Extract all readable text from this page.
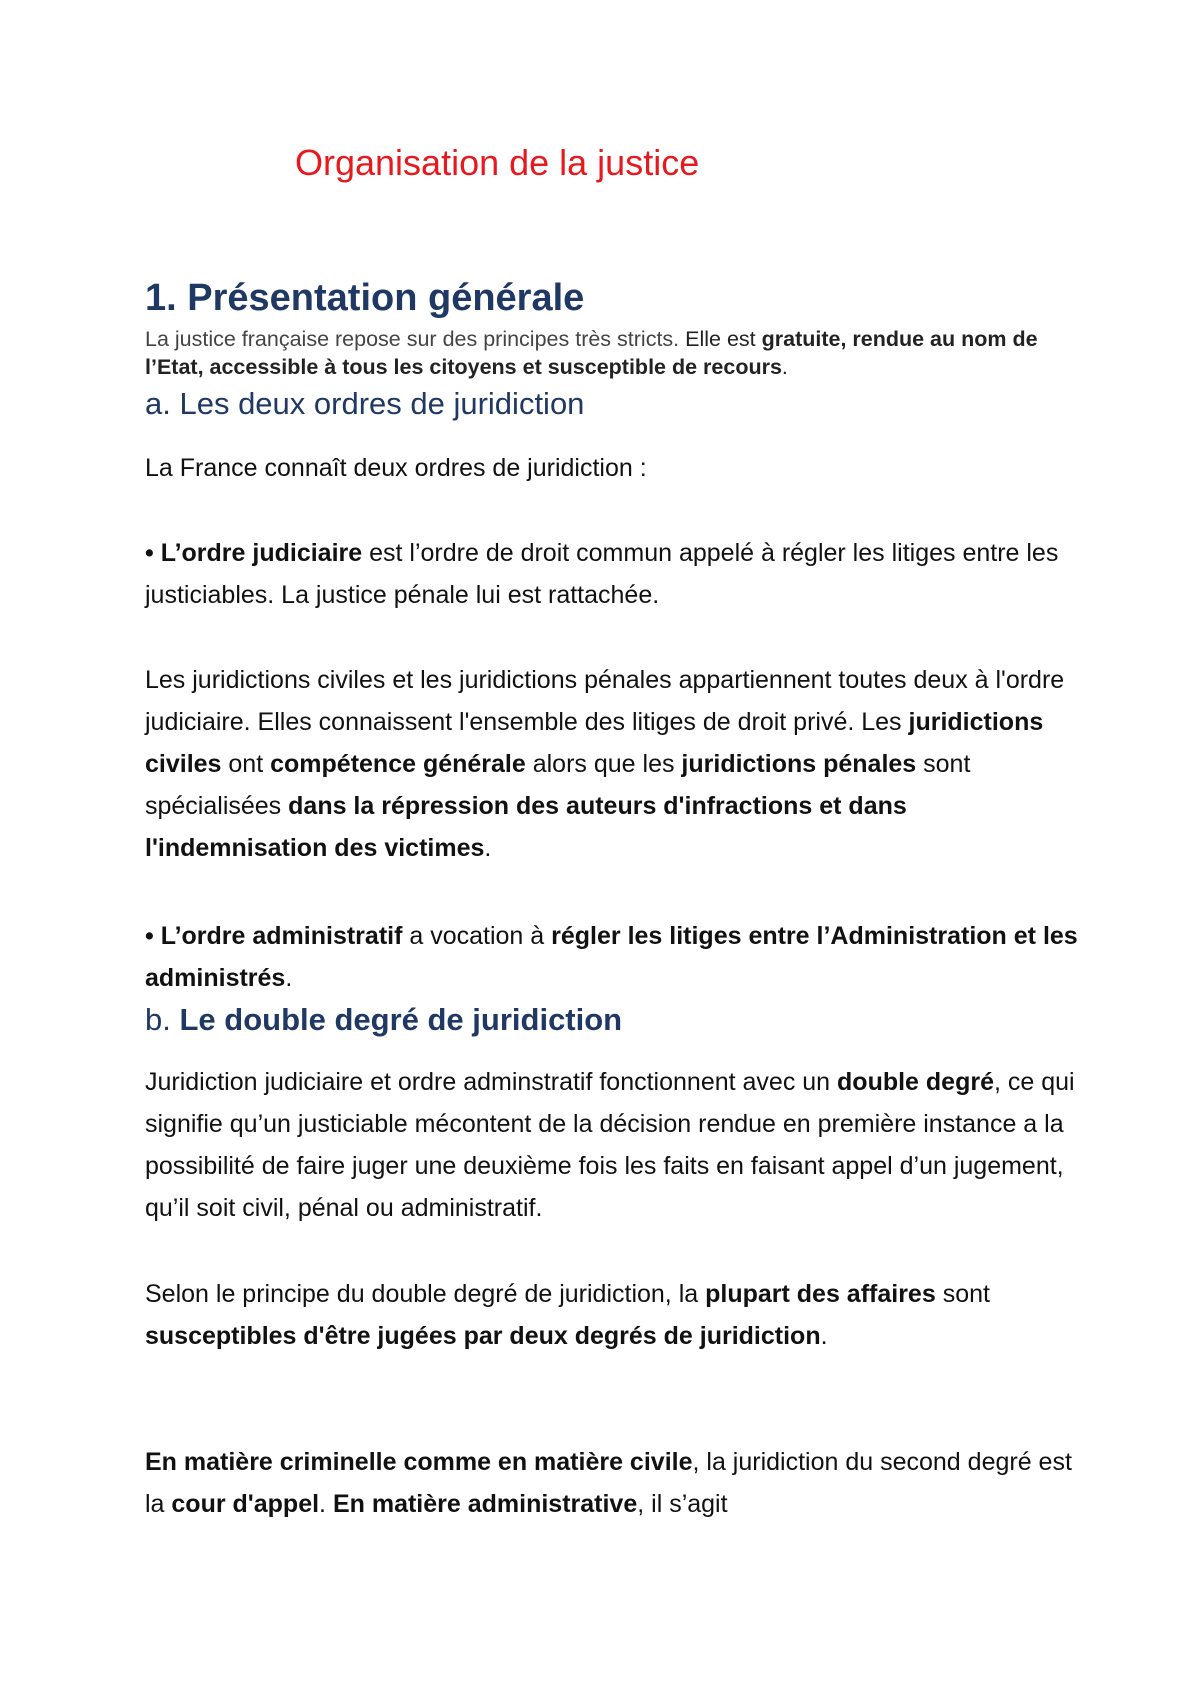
Organisation de la justice
1. Présentation générale

La justice française repose sur des principes très stricts. Elle est gratuite, rendue au nom de l’Etat, accessible à tous les citoyens et susceptible de recours.

a. Les deux ordres de juridiction

La France connaît deux ordres de juridiction :

• L’ordre judiciaire est l’ordre de droit commun appelé à régler les litiges entre les justiciables. La justice pénale lui est rattachée.

Les juridictions civiles et les juridictions pénales appartiennent toutes deux à l'ordre judiciaire. Elles connaissent l'ensemble des litiges de droit privé. Les juridictions civiles ont compétence générale alors que les juridictions pénales sont spécialisées dans la répression des auteurs d'infractions et dans l'indemnisation des victimes.

• L’ordre administratif a vocation à régler les litiges entre l’Administration et les administrés.

b. Le double degré de juridiction

Juridiction judiciaire et ordre adminstratif fonctionnent avec un double degré, ce qui signifie qu’un justiciable mécontent de la décision rendue en première instance a la possibilité de faire juger une deuxième fois les faits en faisant appel d’un jugement, qu’il soit civil, pénal ou administratif.

Selon le principe du double degré de juridiction, la plupart des affaires sont susceptibles d'être jugées par deux degrés de juridiction.

En matière criminelle comme en matière civile, la juridiction du second degré est la cour d'appel. En matière administrative, il s’agit
